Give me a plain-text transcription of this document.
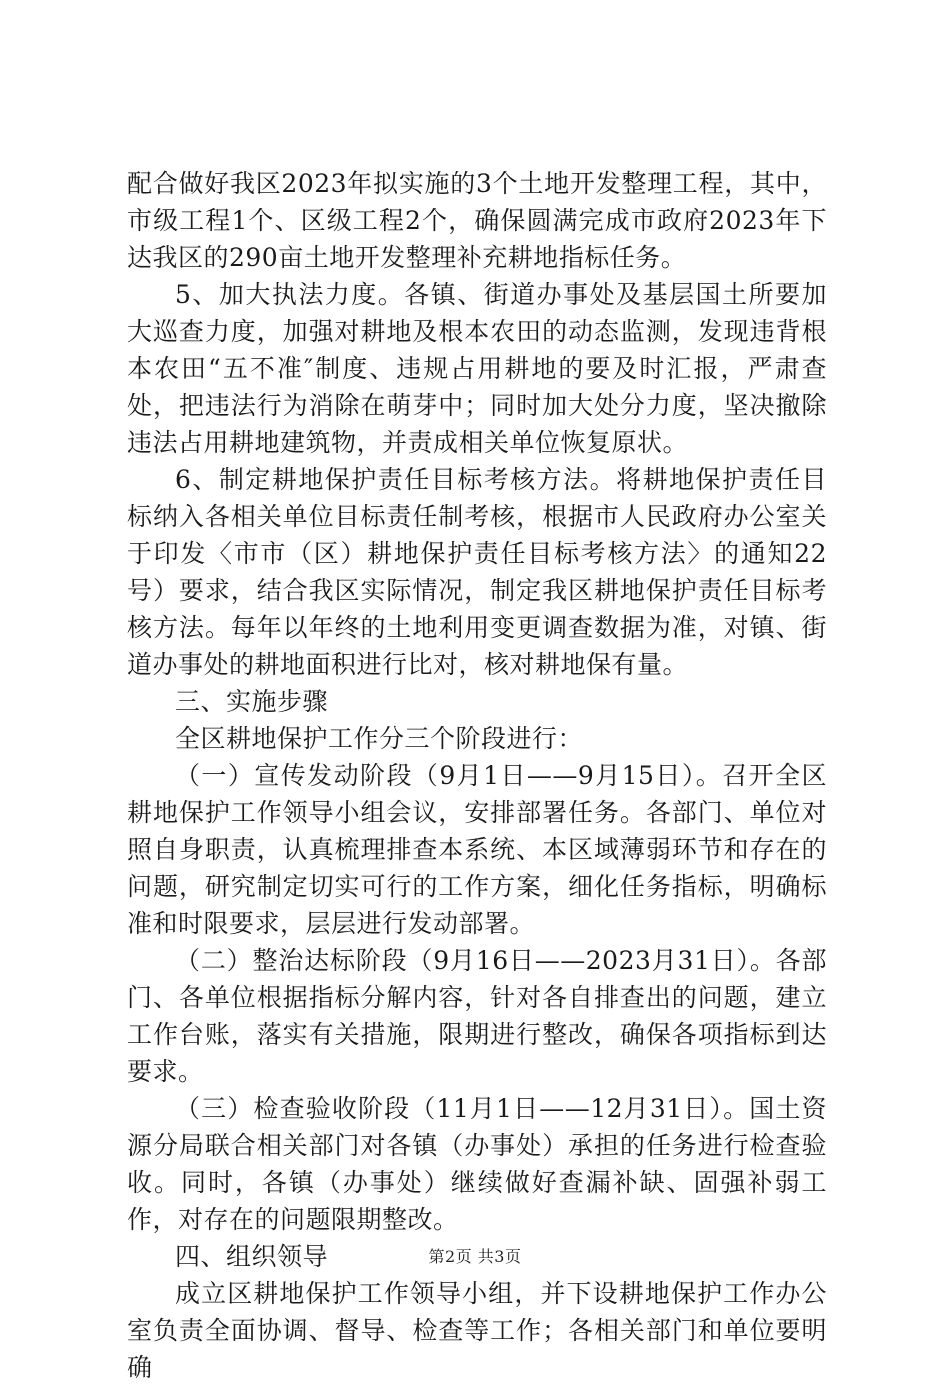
配合做好我区2023年拟实施的3个土地开发整理工程，其中，市级工程1个、区级工程2个，确保圆满完成市政府2023年下达我区的290亩土地开发整理补充耕地指标任务。

5、加大执法力度。各镇、街道办事处及基层国土所要加大巡查力度，加强对耕地及根本农田的动态监测，发现违背根本农田“五不准″制度、违规占用耕地的要及时汇报，严肃查处，把违法行为消除在萌芽中；同时加大处分力度，坚决撤除违法占用耕地建筑物，并责成相关单位恢复原状。

6、制定耕地保护责任目标考核方法。将耕地保护责任目标纳入各相关单位目标责任制考核，根据市人民政府办公室关于印发〈市市（区）耕地保护责任目标考核方法〉的通知22号）要求，结合我区实际情况，制定我区耕地保护责任目标考核方法。每年以年终的土地利用变更调查数据为准，对镇、街道办事处的耕地面积进行比对，核对耕地保有量。

三、实施步骤

全区耕地保护工作分三个阶段进行：

（一）宣传发动阶段（9月1日——9月15日）。召开全区耕地保护工作领导小组会议，安排部署任务。各部门、单位对照自身职责，认真梳理排查本系统、本区域薄弱环节和存在的问题，研究制定切实可行的工作方案，细化任务指标，明确标准和时限要求，层层进行发动部署。

（二）整治达标阶段（9月16日——2023月31日）。各部门、各单位根据指标分解内容，针对各自排查出的问题，建立工作台账，落实有关措施，限期进行整改，确保各项指标到达要求。

（三）检查验收阶段（11月1日——12月31日）。国土资源分局联合相关部门对各镇（办事处）承担的任务进行检查验收。同时，各镇（办事处）继续做好查漏补缺、固强补弱工作，对存在的问题限期整改。

四、组织领导

成立区耕地保护工作领导小组，并下设耕地保护工作办公室负责全面协调、督导、检查等工作；各相关部门和单位要明确

第2页 共3页
